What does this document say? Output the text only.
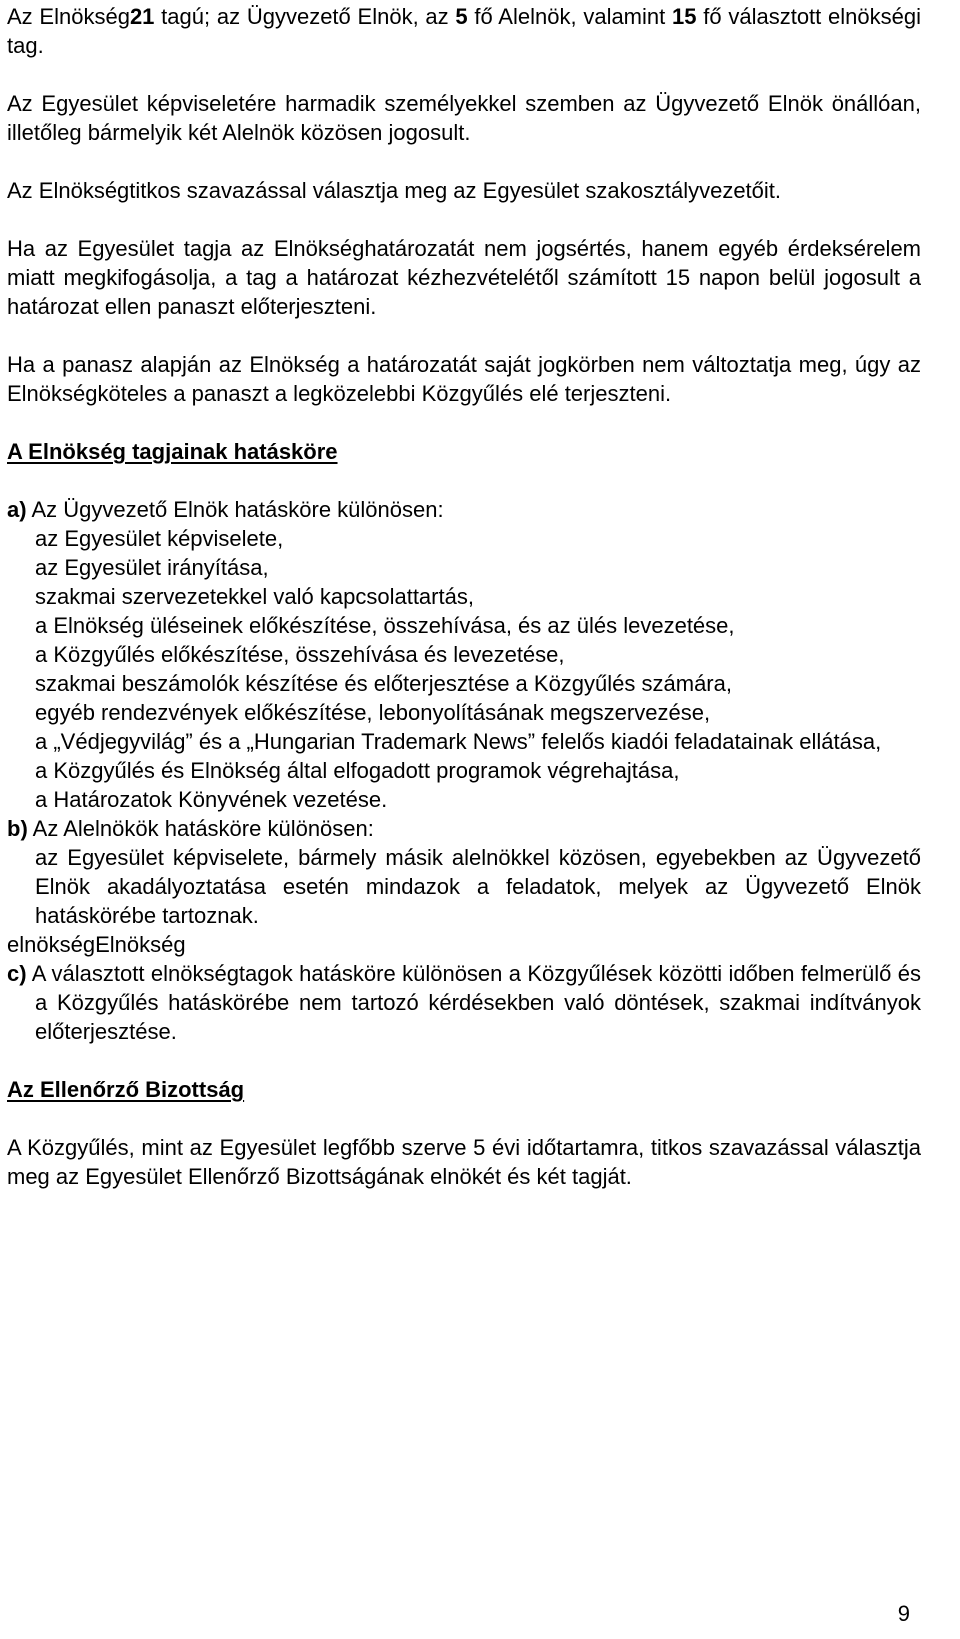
Az Elnökség21 tagú; az Ügyvezető Elnök, az 5 fő Alelnök, valamint 15 fő választott elnökségi tag.

Az Egyesület képviseletére harmadik személyekkel szemben az Ügyvezető Elnök önállóan, illetőleg bármelyik két Alelnök közösen jogosult.

Az Elnökségtitkos szavazással választja meg az Egyesület szakosztályvezetőit.

Ha az Egyesület tagja az Elnökséghatározatát nem jogsértés, hanem egyéb érdeksérelem miatt megkifogásolja, a tag a határozat kézhezvételétől számított 15 napon belül jogosult a határozat ellen panaszt előterjeszteni.

Ha a panasz alapján az Elnökség a határozatát saját jogkörben nem változtatja meg, úgy az Elnökségköteles a panaszt a legközelebbi Közgyűlés elé terjeszteni.

A Elnökség tagjainak hatásköre

a) Az Ügyvezető Elnök hatásköre különösen:

az Egyesület képviselete,
az Egyesület irányítása,
szakmai szervezetekkel való kapcsolattartás,
a Elnökség üléseinek előkészítése, összehívása, és az ülés levezetése,
a Közgyűlés előkészítése, összehívása és levezetése,
szakmai beszámolók készítése és előterjesztése a Közgyűlés számára,
egyéb rendezvények előkészítése, lebonyolításának megszervezése,
a „Védjegyvilág” és a „Hungarian Trademark News” felelős kiadói feladatainak ellátása,
a Közgyűlés és Elnökség által elfogadott programok végrehajtása,
a Határozatok Könyvének vezetése.

b) Az Alelnökök hatásköre különösen:

az Egyesület képviselete, bármely másik alelnökkel közösen, egyebekben az Ügyvezető Elnök akadályoztatása esetén mindazok a feladatok, melyek az Ügyvezető Elnök hatáskörébe tartoznak.

elnökségElnökség

c) A választott elnökségtagok hatásköre különösen a Közgyűlések közötti időben felmerülő és a Közgyűlés hatáskörébe nem tartozó kérdésekben való döntések, szakmai indítványok előterjesztése.

Az Ellenőrző Bizottság

A Közgyűlés, mint az Egyesület legfőbb szerve 5 évi időtartamra, titkos szavazással választja meg az Egyesület Ellenőrző Bizottságának elnökét és két tagját.

9
